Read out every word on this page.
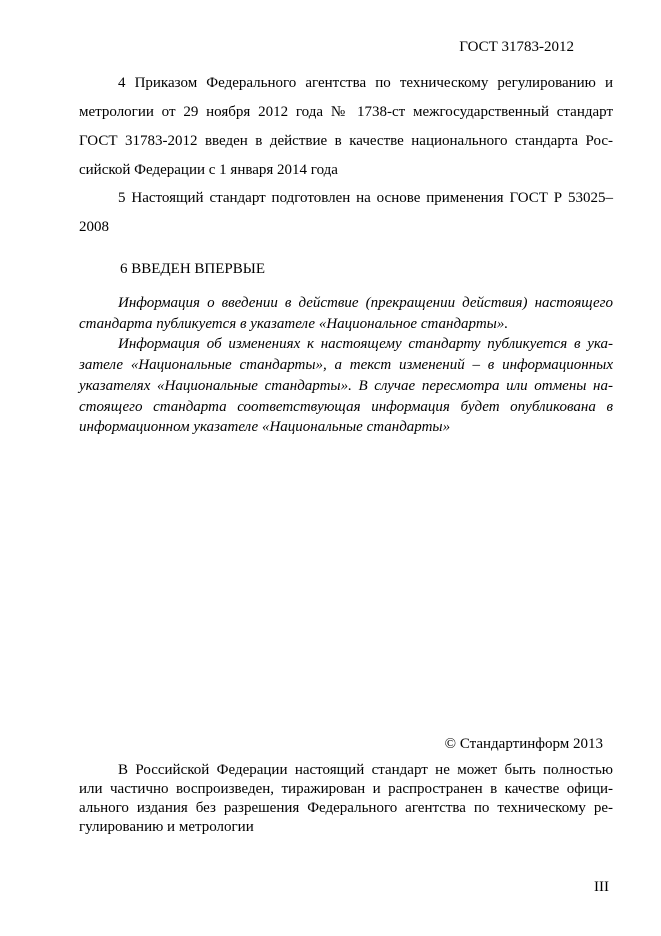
ГОСТ 31783-2012
4 Приказом Федерального агентства по техническому регулированию и
метрологии от 29 ноября 2012 года № 1738-ст межгосударственный стандарт
ГОСТ 31783-2012 введен в действие в качестве национального стандарта Рос-
сийской Федерации с 1 января 2014 года
5 Настоящий стандарт подготовлен на основе применения ГОСТ Р 53025–
2008
6 ВВЕДЕН ВПЕРВЫЕ
Информация о введении в действие (прекращении действия) настоящего
стандарта публикуется в указателе «Национальное стандарты».
Информация об изменениях к настоящему стандарту публикуется в ука-
зателе «Национальные стандарты», а текст изменений – в информационных
указателях «Национальные стандарты». В случае пересмотра или отмены на-
стоящего стандарта соответствующая информация будет опубликована в
информационном указателе «Национальные стандарты»
© Стандартинформ 2013
В Российской Федерации настоящий стандарт не может быть полностью
или частично воспроизведен, тиражирован и распространен в качестве офици-
ального издания без разрешения Федерального агентства по техническому ре-
гулированию и метрологии
III
